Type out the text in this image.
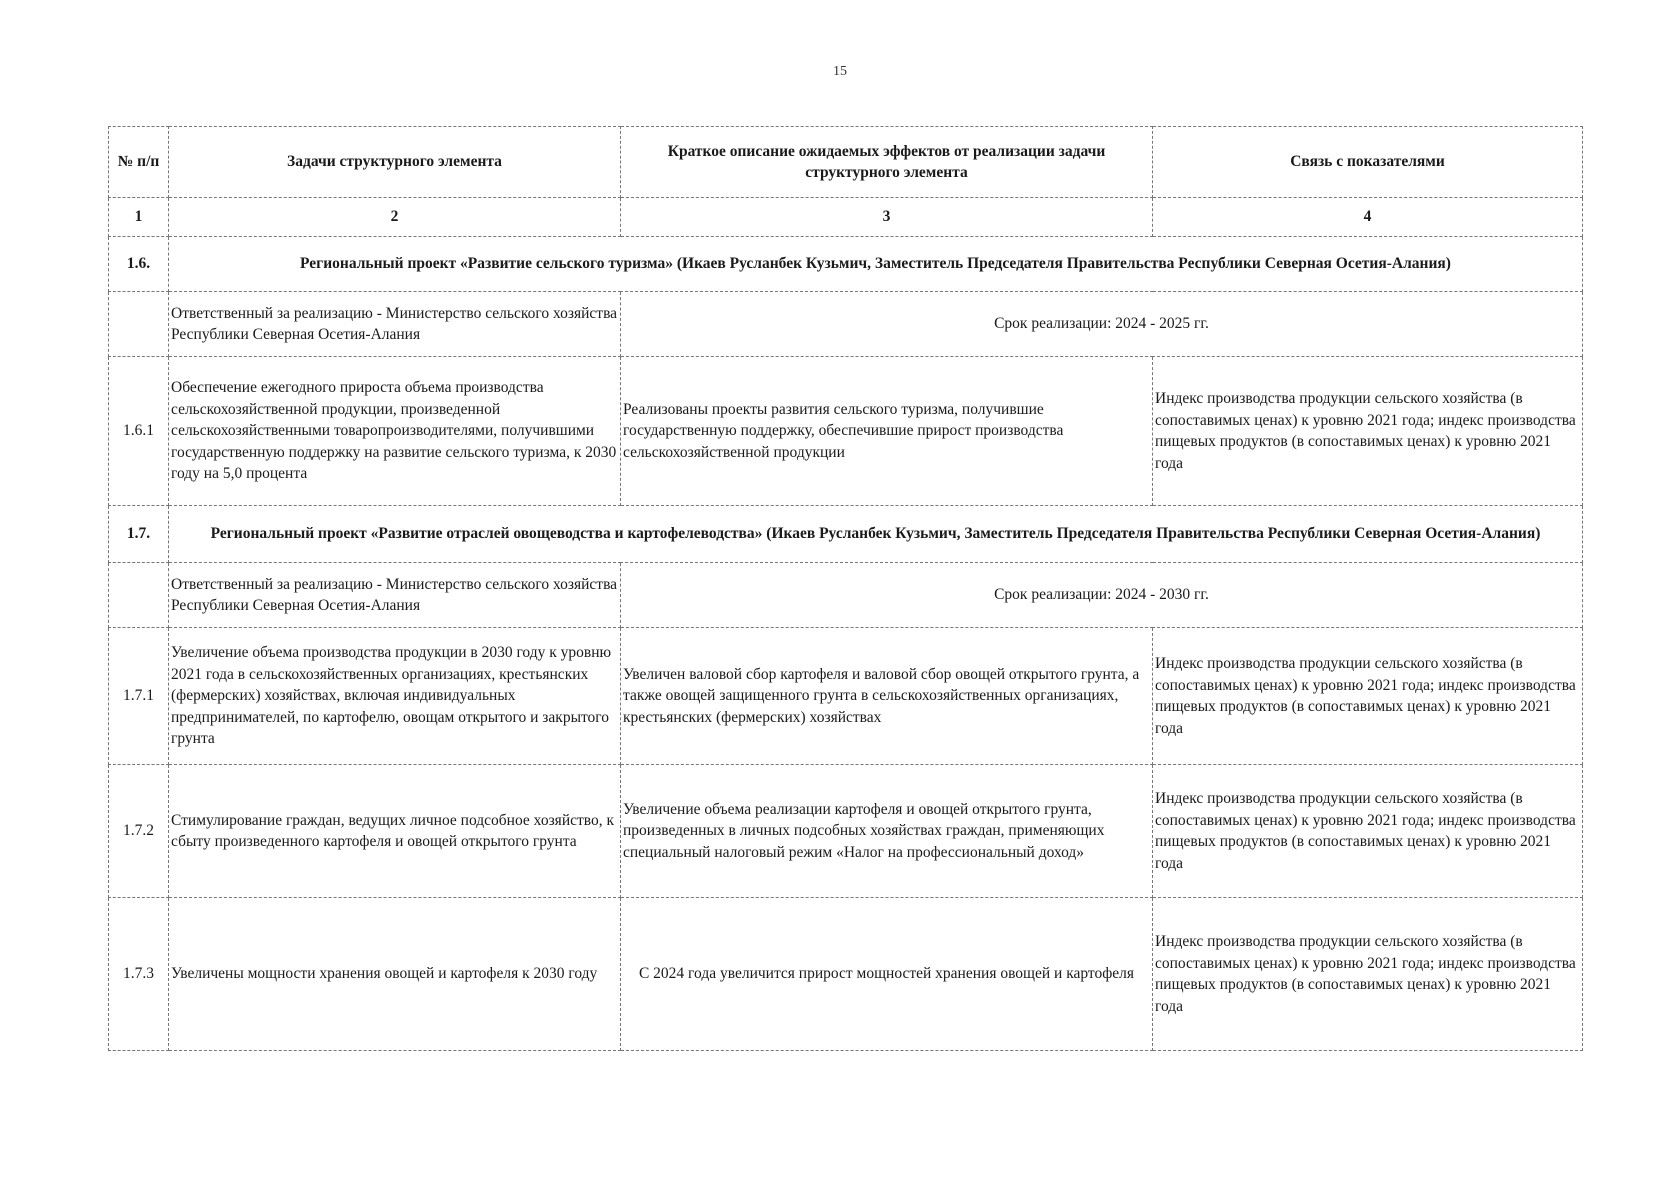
15
№ п/п	Задачи структурного элемента	Краткое описание ожидаемых эффектов от реализации задачи структурного элемента	Связь с показателями
1	2	3	4
1.6.	Региональный проект «Развитие сельского туризма» (Икаев Русланбек Кузьмич, Заместитель Председателя Правительства Республики Северная Осетия-Алания)		
	Ответственный за реализацию - Министерство сельского хозяйства Республики Северная Осетия-Алания	Срок реализации: 2024 - 2025 гг.	
1.6.1	Обеспечение ежегодного прироста объема производства сельскохозяйственной продукции, произведенной сельскохозяйственными товаропроизводителями, получившими государственную поддержку на развитие сельского туризма, к 2030 году на 5,0 процента	Реализованы проекты развития сельского туризма, получившие государственную поддержку, обеспечившие прирост производства сельскохозяйственной продукции	Индекс производства продукции сельского хозяйства (в сопоставимых ценах) к уровню 2021 года; индекс производства пищевых продуктов (в сопоставимых ценах) к уровню 2021 года
1.7.	Региональный проект «Развитие отраслей овощеводства и картофелеводства» (Икаев Русланбек Кузьмич, Заместитель Председателя Правительства Республики Северная Осетия-Алания)		
	Ответственный за реализацию - Министерство сельского хозяйства Республики Северная Осетия-Алания	Срок реализации: 2024 - 2030 гг.	
1.7.1	Увеличение объема производства продукции в 2030 году к уровню 2021 года в сельскохозяйственных организациях, крестьянских (фермерских) хозяйствах, включая индивидуальных предпринимателей, по картофелю, овощам открытого и закрытого грунта	Увеличен валовой сбор картофеля и валовой сбор овощей открытого грунта, а также овощей защищенного грунта в сельскохозяйственных организациях, крестьянских (фермерских) хозяйствах	Индекс производства продукции сельского хозяйства (в сопоставимых ценах) к уровню 2021 года; индекс производства пищевых продуктов (в сопоставимых ценах) к уровню 2021 года
1.7.2	Стимулирование граждан, ведущих личное подсобное хозяйство, к сбыту произведенного картофеля и овощей открытого грунта	Увеличение объема реализации картофеля и овощей открытого грунта, произведенных в личных подсобных хозяйствах граждан, применяющих специальный налоговый режим «Налог на профессиональный доход»	Индекс производства продукции сельского хозяйства (в сопоставимых ценах) к уровню 2021 года; индекс производства пищевых продуктов (в сопоставимых ценах) к уровню 2021 года
1.7.3	Увеличены мощности хранения овощей и картофеля к 2030 году	С 2024 года увеличится прирост мощностей хранения овощей и картофеля	Индекс производства продукции сельского хозяйства (в сопоставимых ценах) к уровню 2021 года; индекс производства пищевых продуктов (в сопоставимых ценах) к уровню 2021 года
